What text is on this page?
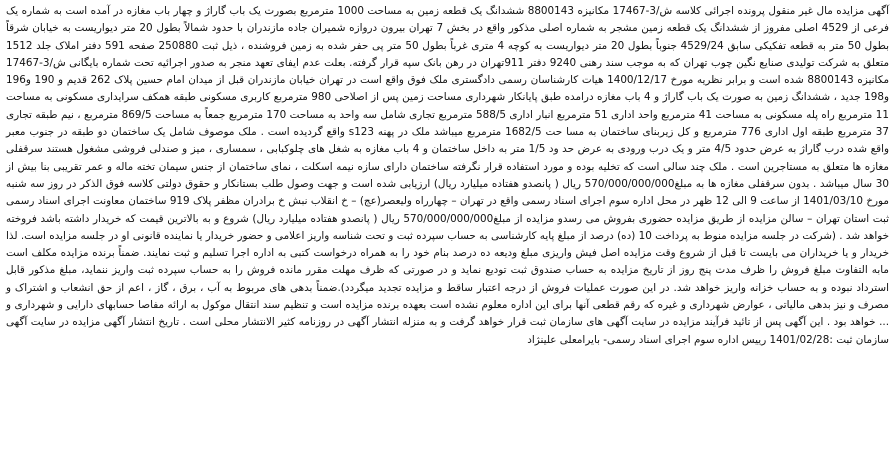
آگهی مزایده مال غیر منقول پرونده اجرائی کلاسه ش/3-17467 مکانیزه 8800143 ششدانگ یک قطعه زمین به مساحت 1000 مترمربع بصورت یک باب گاراژ و چهار باب مغازه در آمده است به شماره یک فرعی از 4529 اصلی مفروز از ششدانگ یک قطعه زمین مشجر به شماره اصلی مذکور واقع در بخش 7 تهران بیرون دروازه شمیران جاده مازندران با حدود شمالاً بطول 20 متر دیواریست به خیابان شرقاً بطول 50 متر به قطعه تفکیکی سابق 4529/24 جنوباً بطول 20 متر دیواریست به کوچه 4 متری غرباً بطول 50 متر پی حفر شده به زمین فروشنده ، ذیل ثبت 250880 صفحه 591 دفتر املاک جلد 1512 متعلق به شرکت تولیدی صنایع نگین چوب تهران که به موجب سند رهنی 9240 دفتر 911تهران در رهن بانک سپه قرار گرفته. بعلت عدم ایفای تعهد منجر به صدور اجرائیه تحت شماره بایگانی ش/3-17467 مکانیزه 8800143 شده است و برابر نظریه مورخ 1400/12/17 هیات کارشناسان رسمی دادگستری ملک فوق واقع است در تهران خیابان مازندران قبل از میدان امام حسین پلاک 262 قدیم و 190 و196 و198 جدید ، ششدانگ زمین به صورت یک باب گاراژ و 4 باب مغازه درامده طبق پایانکار شهرداری مساحت زمین پس از اصلاحی 980 مترمربع کاربری مسکونی طبقه همکف سرایداری مسکونی به مساحت 11 مترمربع راه پله مسکونی به مساحت 41 مترمربع واحد اداری 51 مترمربع انبار اداری 588/5 مترمربع تجاری شامل سه واحد به مساحت 170 مترمربع جمعاً به مساحت 869/5 مترمربع ، نیم طبقه تجاری 37 مترمربع طبقه اول اداری 776 مترمربع و کل زیربنای ساختمان به مسا حت 1682/5 مترمربع میباشد ملک در پهنه s123 واقع گردیده است . ملک موصوف شامل یک ساختمان دو طبقه در جنوب معبر واقع شده درب گاراژ به عرض حدود 4/5 متر و یک درب ورودی به عرض حد ود 1/5 متر به داخل ساختمان و 4 باب مغازه به شغل های چلوکبابی ، سمساری ، میز و صندلی فروشی مشغول هستند سرقفلی مغازه ها متعلق به مستاجرین است . ملک چند سالی است که تخلیه بوده و مورد استفاده قرار نگرفته ساختمان دارای سازه نیمه اسکلت ، نمای ساختمان از جنس سیمان تخته ماله و عمر تقریبی بنا بیش از 30 سال میباشد . بدون سرقفلی مغازه ها به مبلغ570/000/000/000 ریال ( پانصدو هفتاده میلیارد ریال) ارزیابی شده است و جهت وصول طلب بستانکار و حقوق دولتی کلاسه فوق الذکر در روز سه شنبه مورخ 1401/03/10 از ساعت 9 الی 12 ظهر در محل اداره سوم اجرای اسناد رسمی واقع در تهران – چهارراه ولیعصر(عج) – خ انقلاب نبش خ برادران مظفر پلاک 919 ساختمان معاونت اجرای اسناد رسمی ثبت استان تهران – سالن مزایده از طریق مزایده حضوری بفروش می رسدو مزایده از مبلغ570/000/000/000 ریال ( پانصدو هفتاده میلیارد ریال) شروع و به بالاترین قیمت که خریدار داشته باشد فروخته خواهد شد . (شرکت در جلسه مزایده منوط به پرداخت 10 (ده) درصد از مبلغ پایه کارشناسی به حساب سپرده ثبت و تحت شناسه واریز اعلامی و حضور خریدار یا نماینده قانونی او در جلسه مزایده است. لذا خریدار و یا خریداران می بایست تا قبل از شروع وقت مزایده اصل فیش واریزی مبلغ ودیعه ده درصد بنام خود را به همراه درخواست کتبی به اداره اجرا تسلیم و ثبت نمایند. ضمناً برنده مزایده مکلف است مابه التفاوت مبلغ فروش را ظرف مدت پنج روز از تاریخ مزایده به حساب صندوق ثبت تودیع نماید و در صورتی که ظرف مهلت مقرر مانده فروش را به حساب سپرده ثبت واریز ننماید، مبلغ مذکور قابل استرداد نبوده و به حساب خزانه واریز خواهد شد. در این صورت عملیات فروش از درجه اعتبار ساقط و مزایده تجدید میگردد).ضمناً بدهی های مربوط به آب ، برق ، گاز ، اعم از حق انشعاب و اشتراک و مصرف و نیز بدهی مالیاتی ، عوارض شهرداری و غیره که رقم قطعی آنها برای این اداره معلوم نشده است بعهده برنده مزایده است و تنظیم سند انتقال موکول به ارائه مفاصا حسابهای دارایی و شهرداری و ... خواهد بود . این آگهی پس از تائید فرآیند مزایده در سایت آگهی های سازمان ثبت قرار خواهد گرفت و به منزله انتشار آگهی در روزنامه کثیر الانتشار محلی است . تاریخ انتشار آگهی مزایده در سایت آگهی سازمان ثبت :1401/02/28 رییس اداره سوم اجرای اسناد رسمی- بایرامعلی علینژاد
